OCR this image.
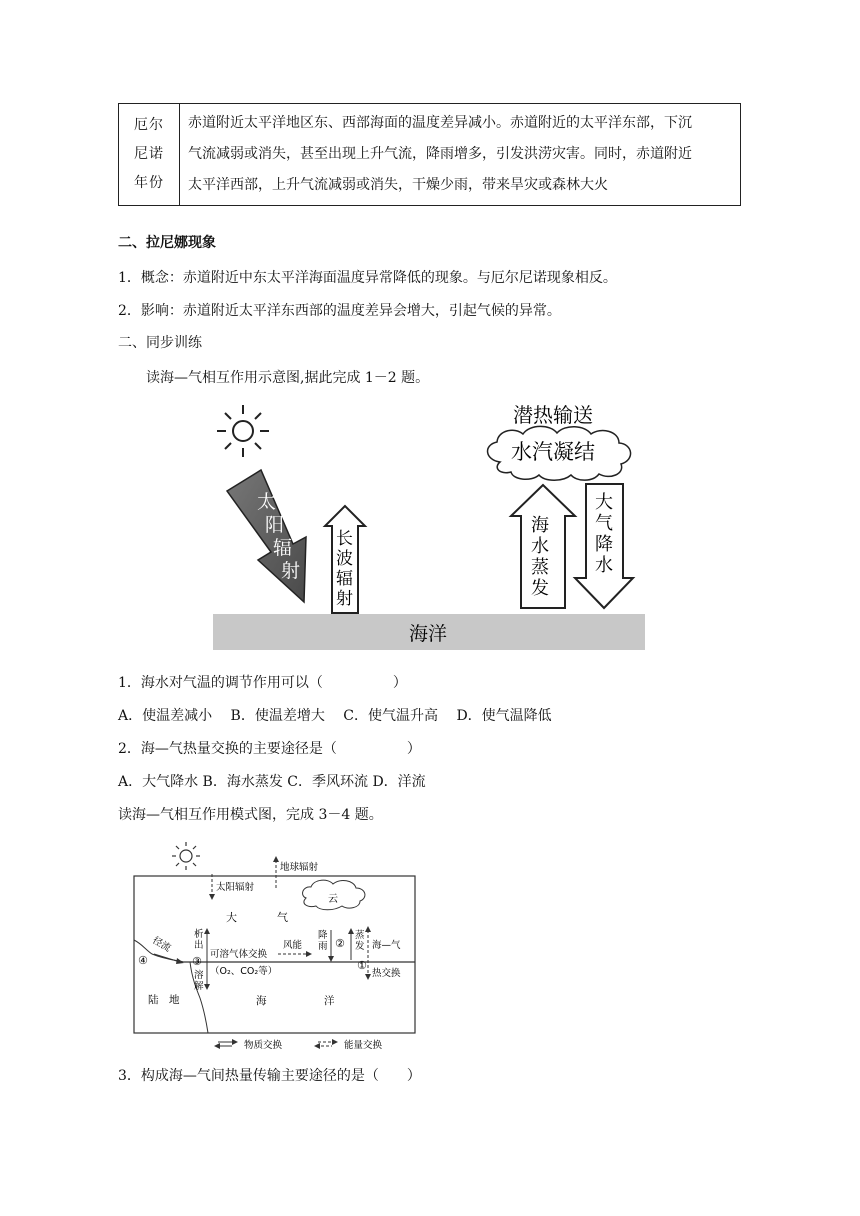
厄尔
尼诺
年份

赤道附近太平洋地区东、西部海面的温度差异减小。赤道附近的太平洋东部，下沉
气流减弱或消失，甚至出现上升气流，降雨增多，引发洪涝灾害。同时，赤道附近
太平洋西部，上升气流减弱或消失，干燥少雨，带来旱灾或森林大火
二、拉尼娜现象
1．概念：赤道附近中东太平洋海面温度异常降低的现象。与厄尔尼诺现象相反。
2．影响：赤道附近太平洋东西部的温度差异会增大，引起气候的异常。
二、同步训练
读海—气相互作用示意图,据此完成 1－2 题。
太
阳
辐
射
长
波
辐
射
潜热输送
水汽凝结
海
水
蒸
发
大
气
降
水
海洋
1．海水对气温的调节作用可以（　　　　　）
A．使温差减小　 B．使温差增大　 C．使气温升高　 D．使气温降低
2．海—气热量交换的主要途径是（　　　　　）
A．大气降水 B．海水蒸发 C．季风环流 D．洋流
读海—气相互作用模式图，完成 3－4 题。
地球辐射
太阳辐射
云
大	气
径流
④
析
出
③
溶
解
可溶气体交换
（O₂、CO₂等）
风能
降
雨 ②
蒸
发 海—气
①
热交换
陆　地	海	洋
物质交换	能量交换
3．构成海—气间热量传输主要途径的是（　　）
